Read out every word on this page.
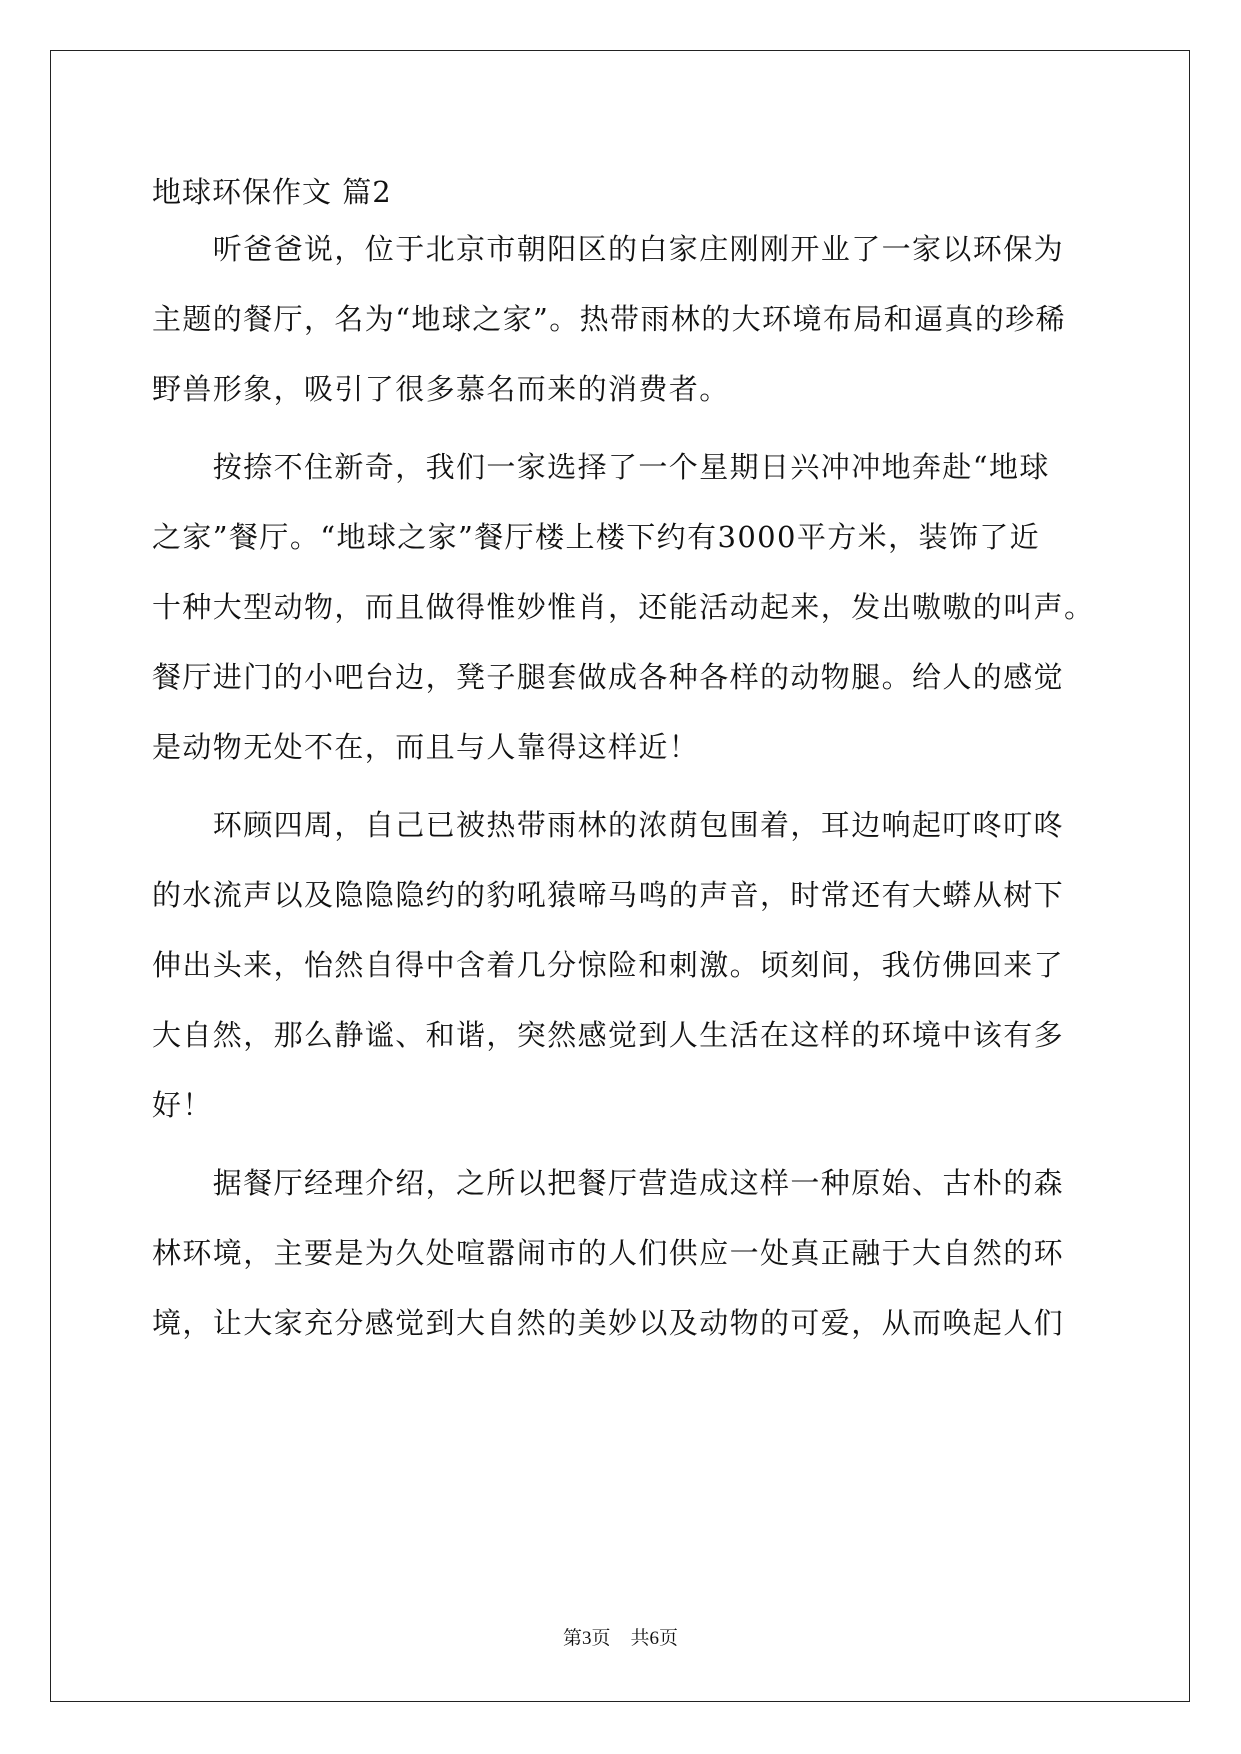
地球环保作文 篇2
　　听爸爸说，位于北京市朝阳区的白家庄刚刚开业了一家以环保为
主题的餐厅，名为“地球之家”。热带雨林的大环境布局和逼真的珍稀
野兽形象，吸引了很多慕名而来的消费者。
　　按捺不住新奇，我们一家选择了一个星期日兴冲冲地奔赴“地球
之家”餐厅。“地球之家”餐厅楼上楼下约有3000平方米，装饰了近
十种大型动物，而且做得惟妙惟肖，还能活动起来，发出嗷嗷的叫声。
餐厅进门的小吧台边，凳子腿套做成各种各样的动物腿。给人的感觉
是动物无处不在，而且与人靠得这样近！
　　环顾四周，自己已被热带雨林的浓荫包围着，耳边响起叮咚叮咚
的水流声以及隐隐隐约的豹吼猿啼马鸣的声音，时常还有大蟒从树下
伸出头来，怡然自得中含着几分惊险和刺激。顷刻间，我仿佛回来了
大自然，那么静谧、和谐，突然感觉到人生活在这样的环境中该有多
好！
　　据餐厅经理介绍，之所以把餐厅营造成这样一种原始、古朴的森
林环境，主要是为久处喧嚣闹市的人们供应一处真正融于大自然的环
境，让大家充分感觉到大自然的美妙以及动物的可爱，从而唤起人们
第3页 共6页
